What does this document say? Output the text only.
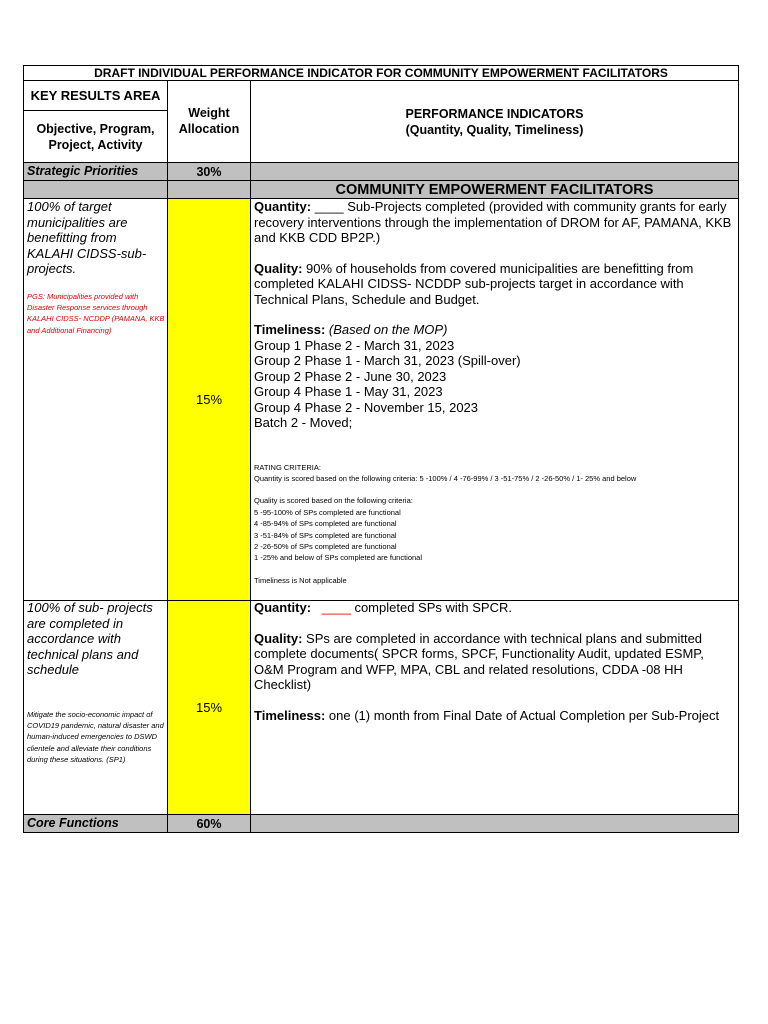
DRAFT INDIVIDUAL PERFORMANCE INDICATOR FOR COMMUNITY EMPOWERMENT FACILITATORS
KEY RESULTS AREA
Objective, Program, Project, Activity
Weight Allocation
PERFORMANCE INDICATORS
(Quantity, Quality, Timeliness)
Strategic Priorities	30%
COMMUNITY EMPOWERMENT FACILITATORS

100% of target municipalities are benefitting from KALAHI CIDSS-sub-projects.

PGS: Municipalities provided with Disaster Response services through KALAHI CIDSS- NCDDP (PAMANA, KKB and Additional Financing)

15%

Quantity: ____ Sub-Projects completed (provided with community grants for early recovery interventions through the implementation of DROM for AF, PAMANA, KKB and KKB CDD BP2P.)

Quality: 90% of households from covered municipalities are benefitting from completed KALAHI CIDSS- NCDDP sub-projects target in accordance with Technical Plans, Schedule and Budget.

Timeliness: (Based on the MOP)

Group 1 Phase 2 - March 31, 2023

Group 2 Phase 1 - March 31, 2023 (Spill-over)

Group 2 Phase 2 - June 30, 2023

Group 4 Phase 1 - May 31, 2023

Group 4 Phase 2 - November 15, 2023

Batch 2 - Moved;

RATING CRITERIA:

Quantity is scored based on the following criteria: 5 -100% / 4 -76-99% / 3 -51-75% / 2 -26-50% / 1- 25% and below

Quality is scored based on the following criteria:

5 -95-100% of SPs completed are functional

4 -85-94% of SPs completed are functional

3 -51-84% of SPs completed are functional

2 -26-50% of SPs completed are functional

1 -25% and below of SPs completed are functional

Timeliness is Not applicable

100% of sub- projects are completed in accordance with technical plans and schedule

Mitigate the socio-economic impact of COVID19 pandemic, natural disaster and human-induced emergencies to DSWD clientele and alleviate their conditions during these situations. (SP1)

15%

Quantity: ____ completed SPs with SPCR.

Quality: SPs are completed in accordance with technical plans and submitted complete documents( SPCR forms, SPCF, Functionality Audit, updated ESMP, O&M Program and WFP, MPA, CBL and related resolutions, CDDA -08 HH Checklist)

Timeliness: one (1) month from Final Date of Actual Completion per Sub-Project

Core Functions	60%
